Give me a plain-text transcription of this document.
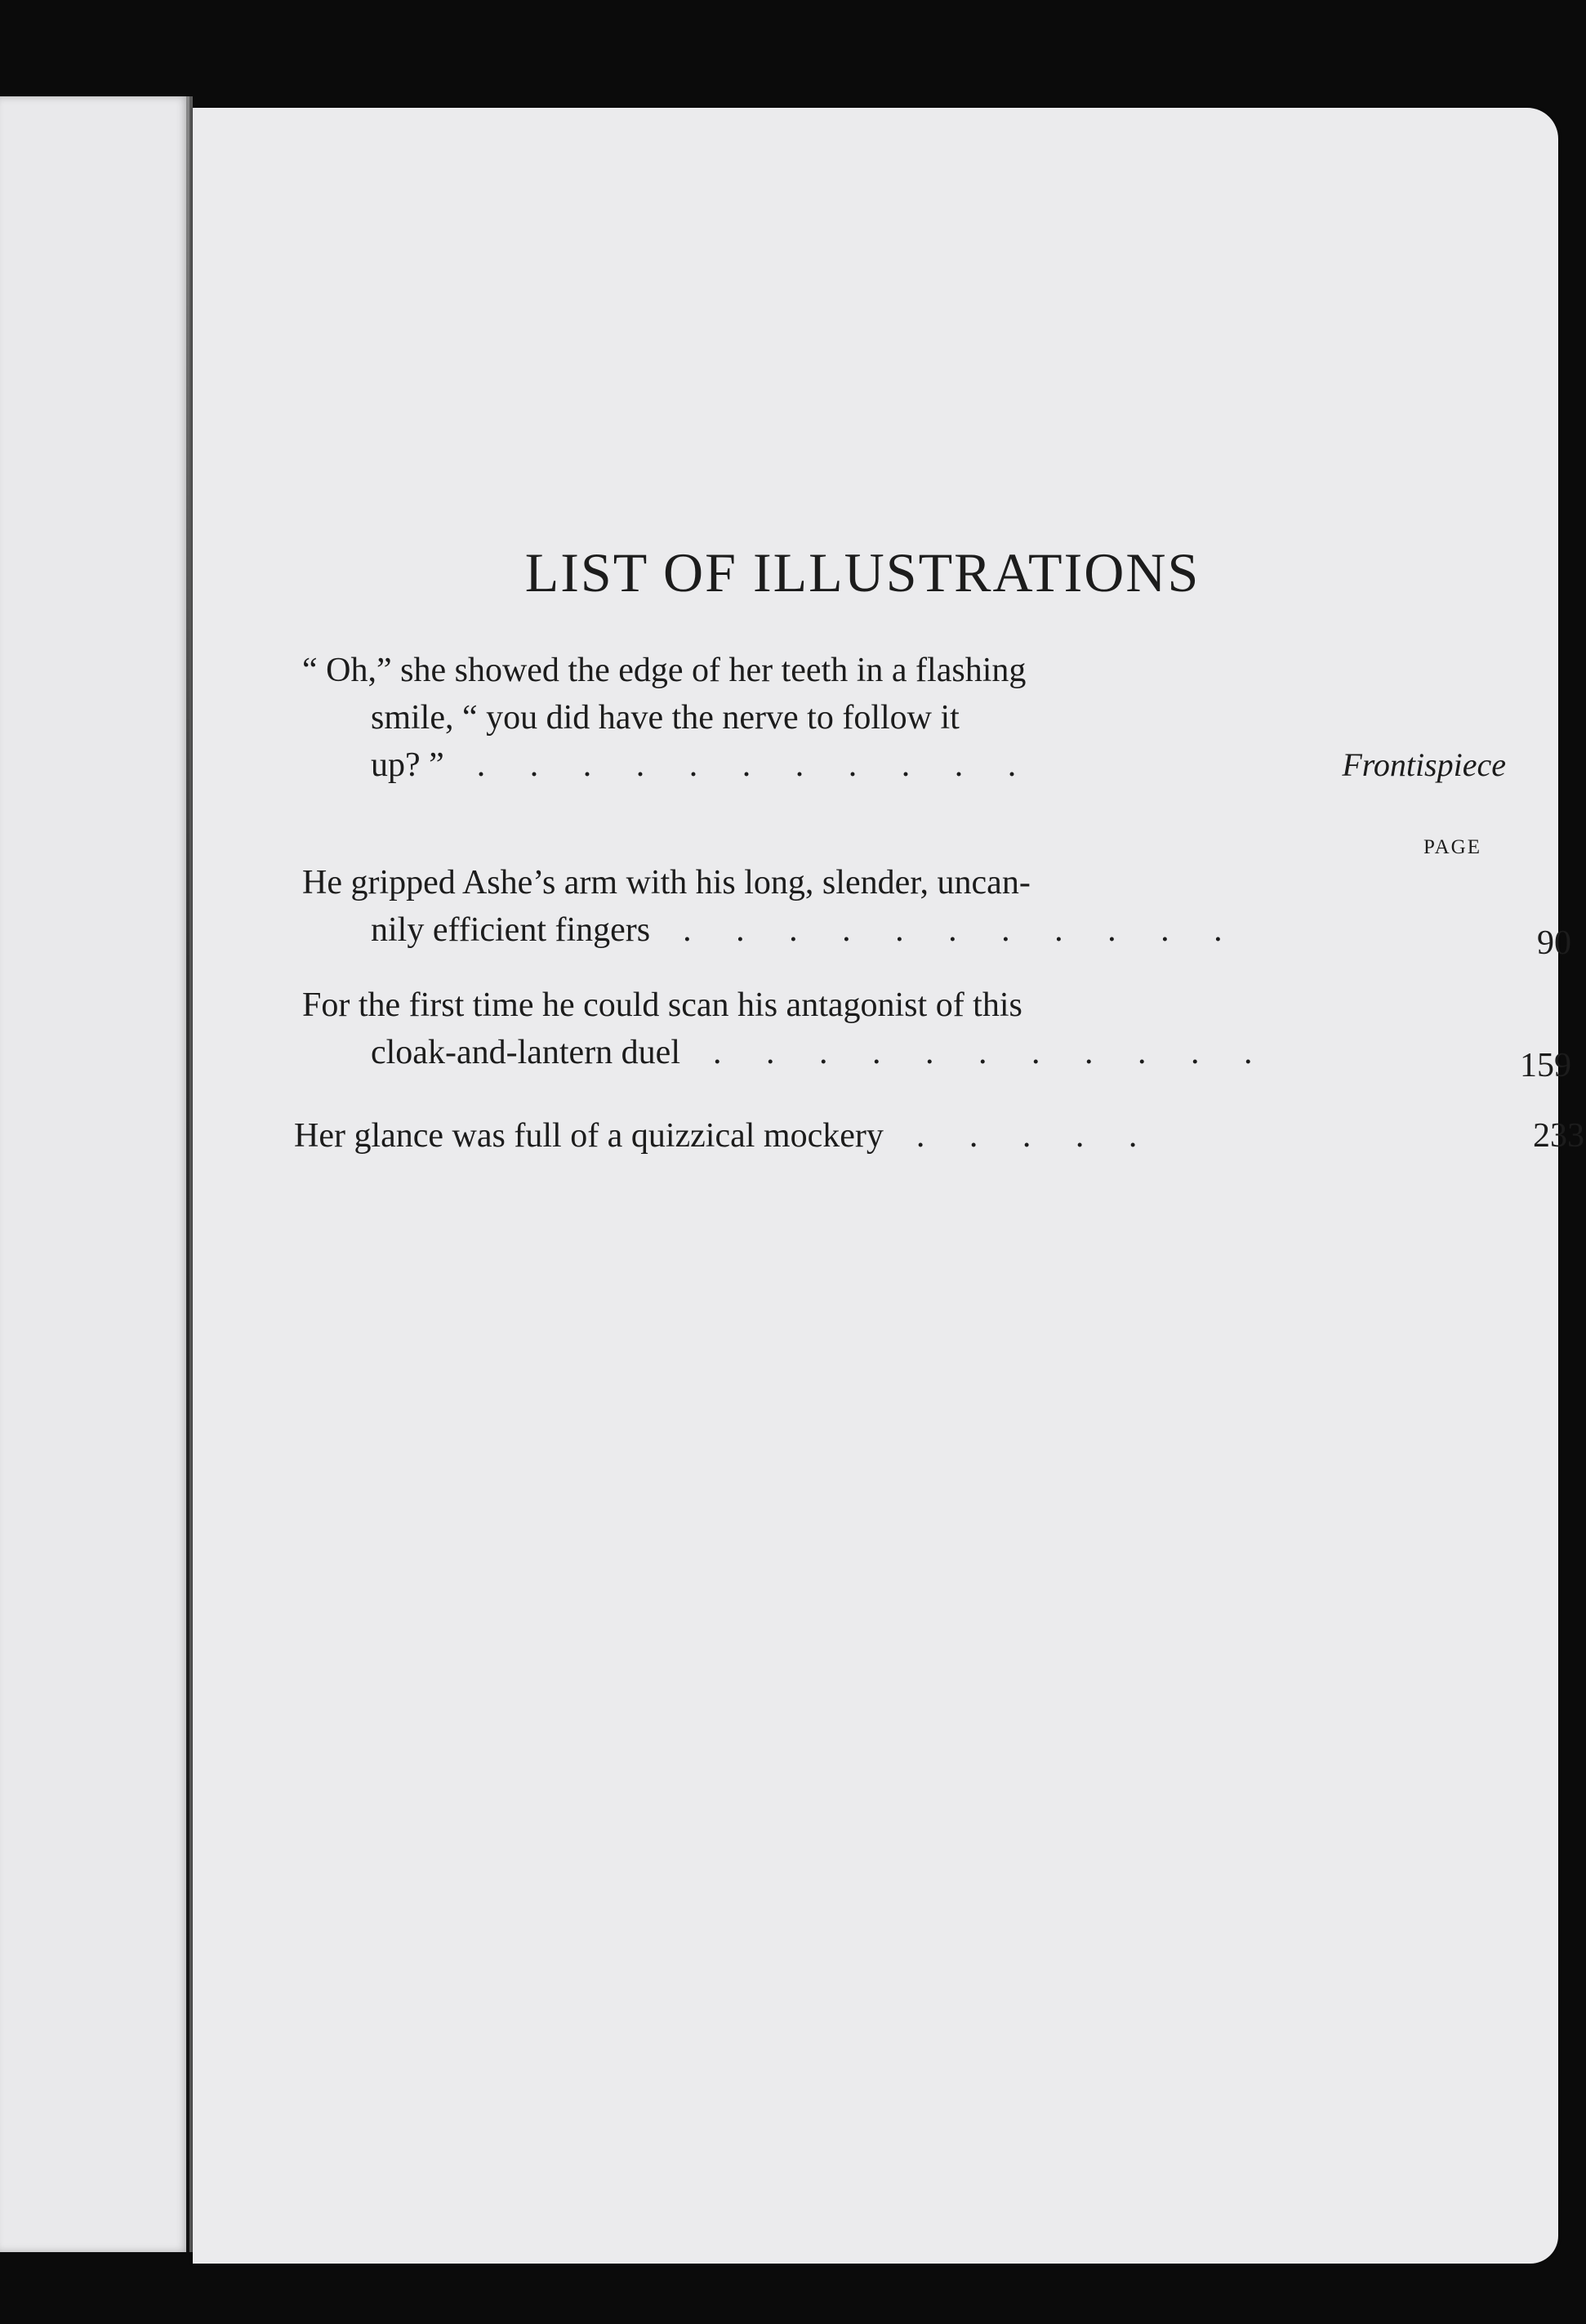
LIST OF ILLUSTRATIONS
“ Oh,” she showed the edge of her teeth in a flashing
smile, “ you did have the nerve to follow it
up? ” . . . . . . . . . . .	Frontispiece
PAGE
He gripped Ashe’s arm with his long, slender, uncan-
nily efficient fingers . . . . . . . . . . .	90
For the first time he could scan his antagonist of this
cloak-and-lantern duel . . . . . . . . . . .	159
Her glance was full of a quizzical mockery . . . . .	233
